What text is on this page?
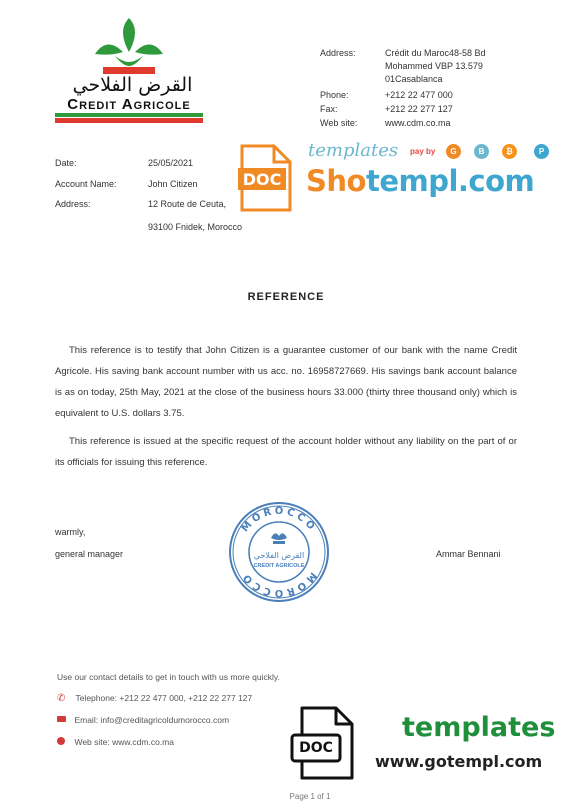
القرض الفلاحي
Credit Agricole
Address:	Crédit du Maroc48-58 Bd
Mohammed VBP 13.579
01Casablanca
Phone:	+212 22 477 000
Fax:	+212 22 277 127
Web site:	www.cdm.co.ma
Date:	25/05/2021
Account Name:	John Citizen
Address:	12 Route de Ceuta,
93100 Fnidek, Morocco
DOC
templates pay by	G	B	₿	P
Shotempl.com
REFERENCE
This reference is to testify that John Citizen is a guarantee customer of our bank with the name Credit Agricole. His saving bank account number with us acc. no. 16958727669. His savings bank account balance is as on today, 25th May, 2021 at the close of the business hours 33.000 (thirty three thousand only) which is equivalent to U.S. dollars 3.75.
This reference is issued at the specific request of the account holder without any liability on the part of or its officials for issuing this reference.
warmly,
general manager	Ammar Bennani
MOROCCO
MOROCCO
القرض الفلاحي
CREDIT AGRICOLE
Use our contact details to get in touch with us more quickly.
✆ Telephone: +212 22 477 000, +212 22 277 127
Email: info@creditagricoldumorocco.com
Web site: www.cdm.co.ma	DOC
templates
www.gotempl.com
Page 1 of 1
